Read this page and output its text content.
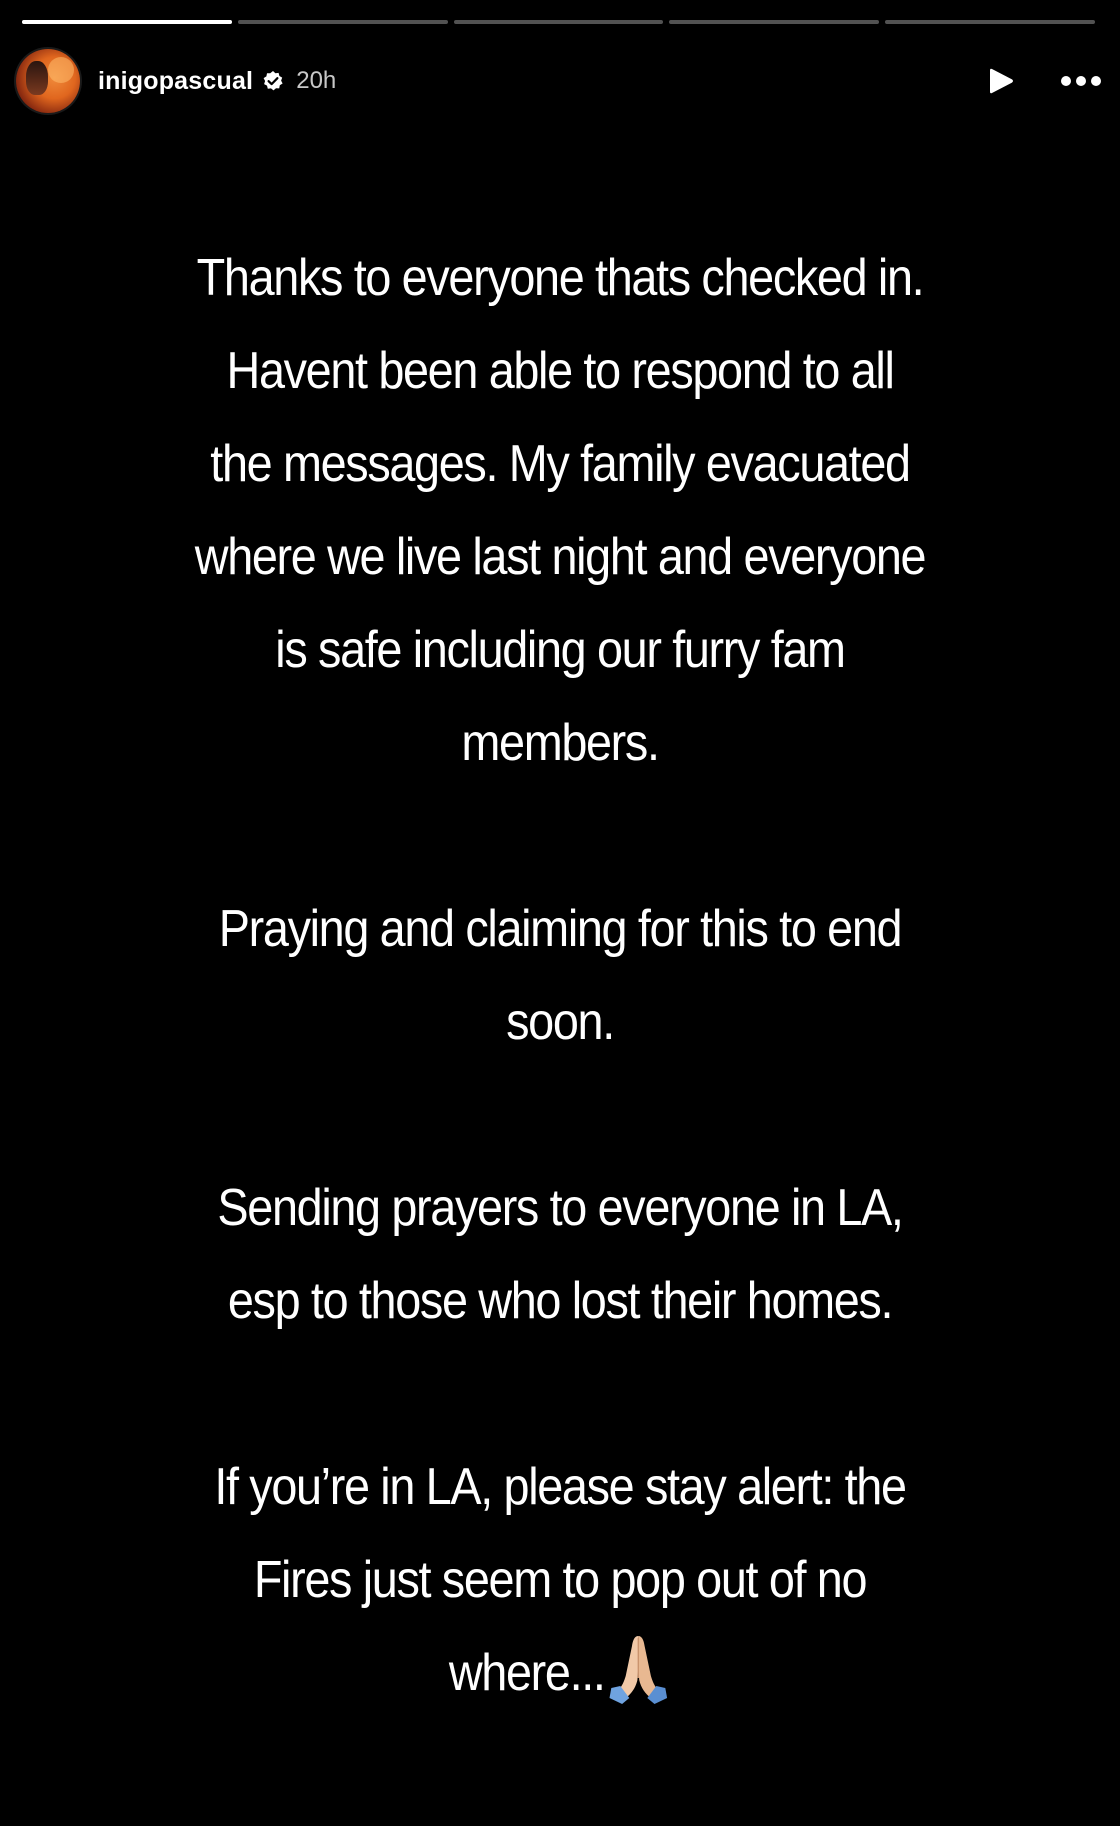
inigopascual 20h

Thanks to everyone thats checked in.
Havent been able to respond to all
the messages. My family evacuated
where we live last night and everyone
is safe including our furry fam
members.

Praying and claiming for this to end
soon.

Sending prayers to everyone in LA,
esp to those who lost their homes.

If you’re in LA, please stay alert: the
Fires just seem to pop out of no
where...
